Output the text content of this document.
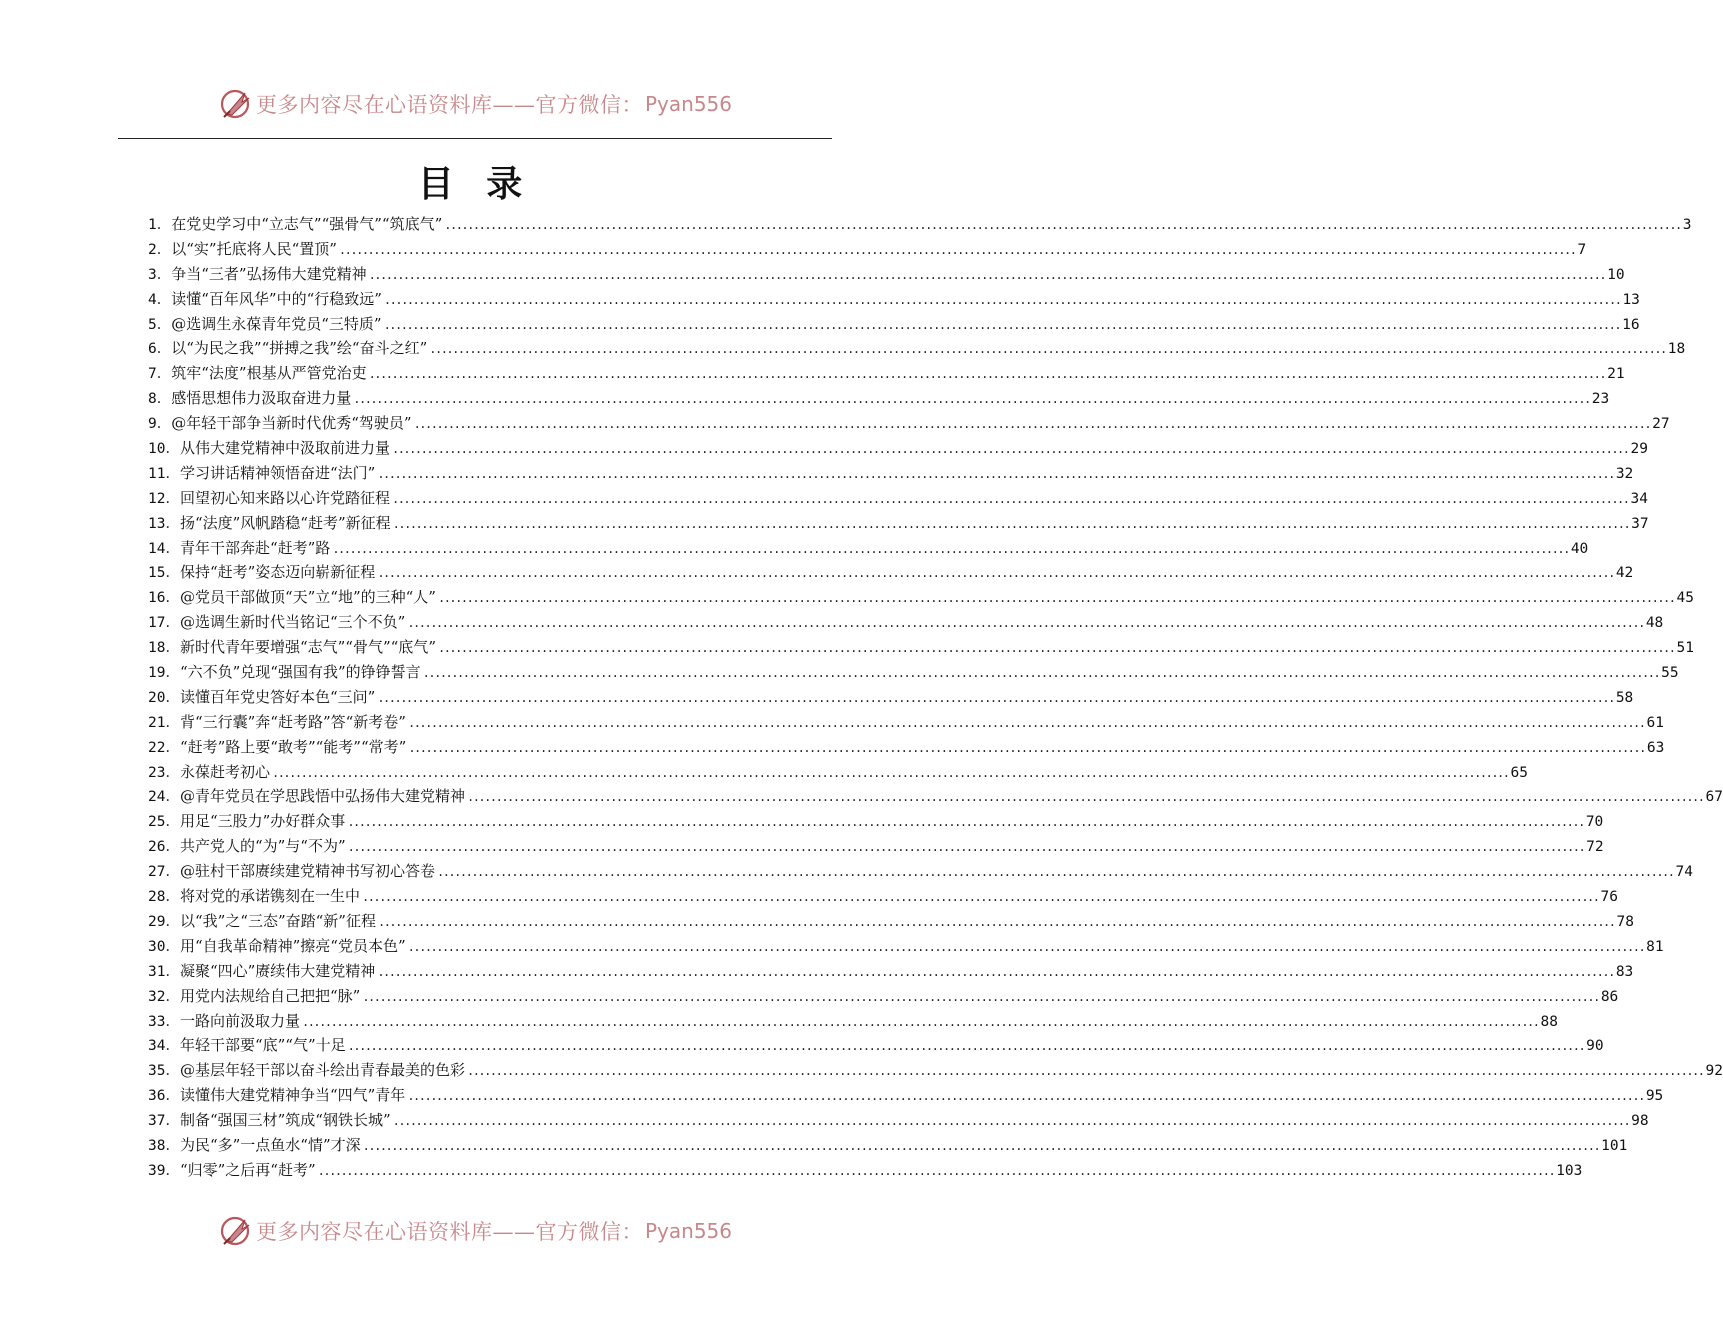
更多内容尽在心语资料库——官方微信： Pyan556
目 录
1． 在党史学习中“立志气”“强骨气”“筑底气” .....	3
2． 以“实”托底将人民“置顶” .....	7
3． 争当“三者”弘扬伟大建党精神 .....	10
4． 读懂“百年风华”中的“行稳致远” .....	13
5． @选调生永葆青年党员“三特质” .....	16
6． 以“为民之我”“拼搏之我”绘“奋斗之红” .....	18
7． 筑牢“法度”根基从严管党治吏 .....	21
8． 感悟思想伟力汲取奋进力量 .....	23
9． @年轻干部争当新时代优秀“驾驶员” .....	27
10． 从伟大建党精神中汲取前进力量 .....	29
11． 学习讲话精神领悟奋进“法门” .....	32
12． 回望初心知来路以心许党踏征程 .....	34
13． 扬“法度”风帆踏稳“赶考”新征程 .....	37
14． 青年干部奔赴“赶考”路 .....	40
15． 保持“赶考”姿态迈向崭新征程 .....	42
16． @党员干部做顶“天”立“地”的三种“人” .....	45
17． @选调生新时代当铭记“三个不负” .....	48
18． 新时代青年要增强“志气”“骨气”“底气” .....	51
19． “六不负”兑现“强国有我”的铮铮誓言 .....	55
20． 读懂百年党史答好本色“三问” .....	58
21． 背“三行囊”奔“赶考路”答“新考卷” .....	61
22． “赶考”路上要“敢考”“能考”“常考” .....	63
23． 永葆赶考初心 .....	65
24． @青年党员在学思践悟中弘扬伟大建党精神 .....	67
25． 用足“三股力”办好群众事 .....	70
26． 共产党人的“为”与“不为” .....	72
27． @驻村干部赓续建党精神书写初心答卷 .....	74
28． 将对党的承诺镌刻在一生中 .....	76
29． 以“我”之“三态”奋踏“新”征程 .....	78
30． 用“自我革命精神”擦亮“党员本色” .....	81
31． 凝聚“四心”赓续伟大建党精神 .....	83
32． 用党内法规给自己把把“脉” .....	86
33． 一路向前汲取力量 .....	88
34． 年轻干部要“底”“气”十足 .....	90
35． @基层年轻干部以奋斗绘出青春最美的色彩 .....	92
36． 读懂伟大建党精神争当“四气”青年 .....	95
37． 制备“强国三材”筑成“钢铁长城” .....	98
38． 为民“多”一点鱼水“情”才深 .....	101
39． “归零”之后再“赶考” .....	103
更多内容尽在心语资料库——官方微信： Pyan556
